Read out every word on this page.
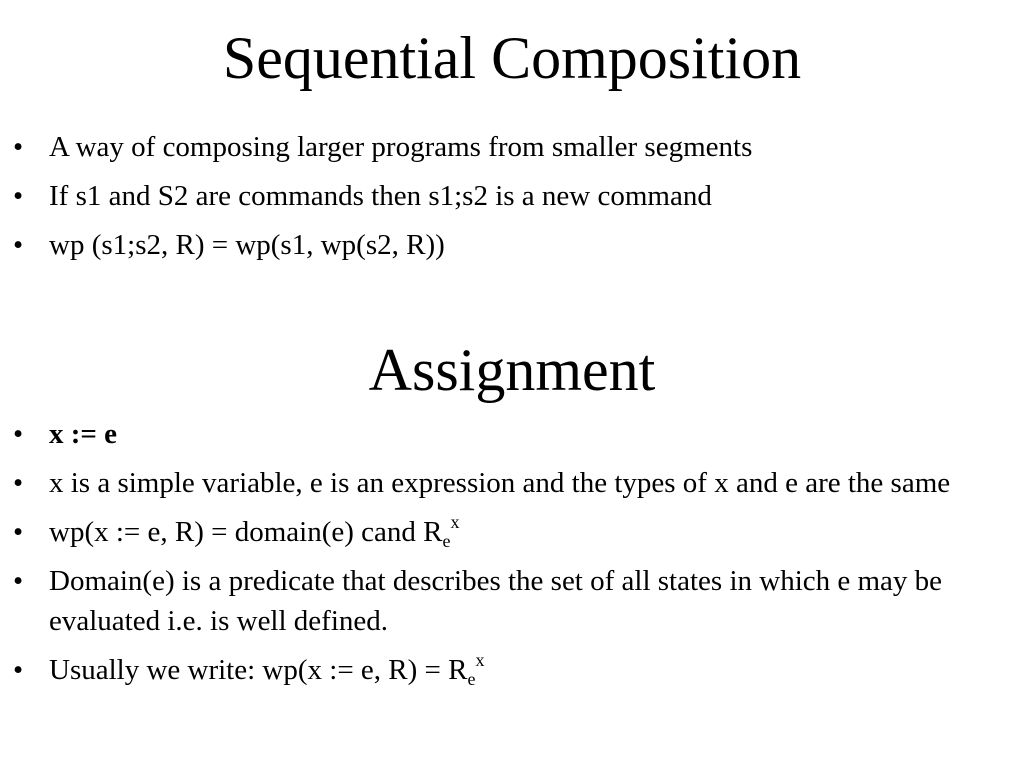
Sequential Composition
• A way of composing larger programs from smaller segments
• If s1 and S2 are commands then s1;s2 is a new command
• wp (s1;s2, R) = wp(s1, wp(s2, R))
Assignment
• x := e
• x is a simple variable, e is an expression and the types of x and e are the same
• wp(x := e, R) = domain(e) cand $R_e^x$
• Domain(e) is a predicate that describes the set of all states in which e may be evaluated i.e. is well defined.
• Usually we write: wp(x := e, $R) = R_e^x$
